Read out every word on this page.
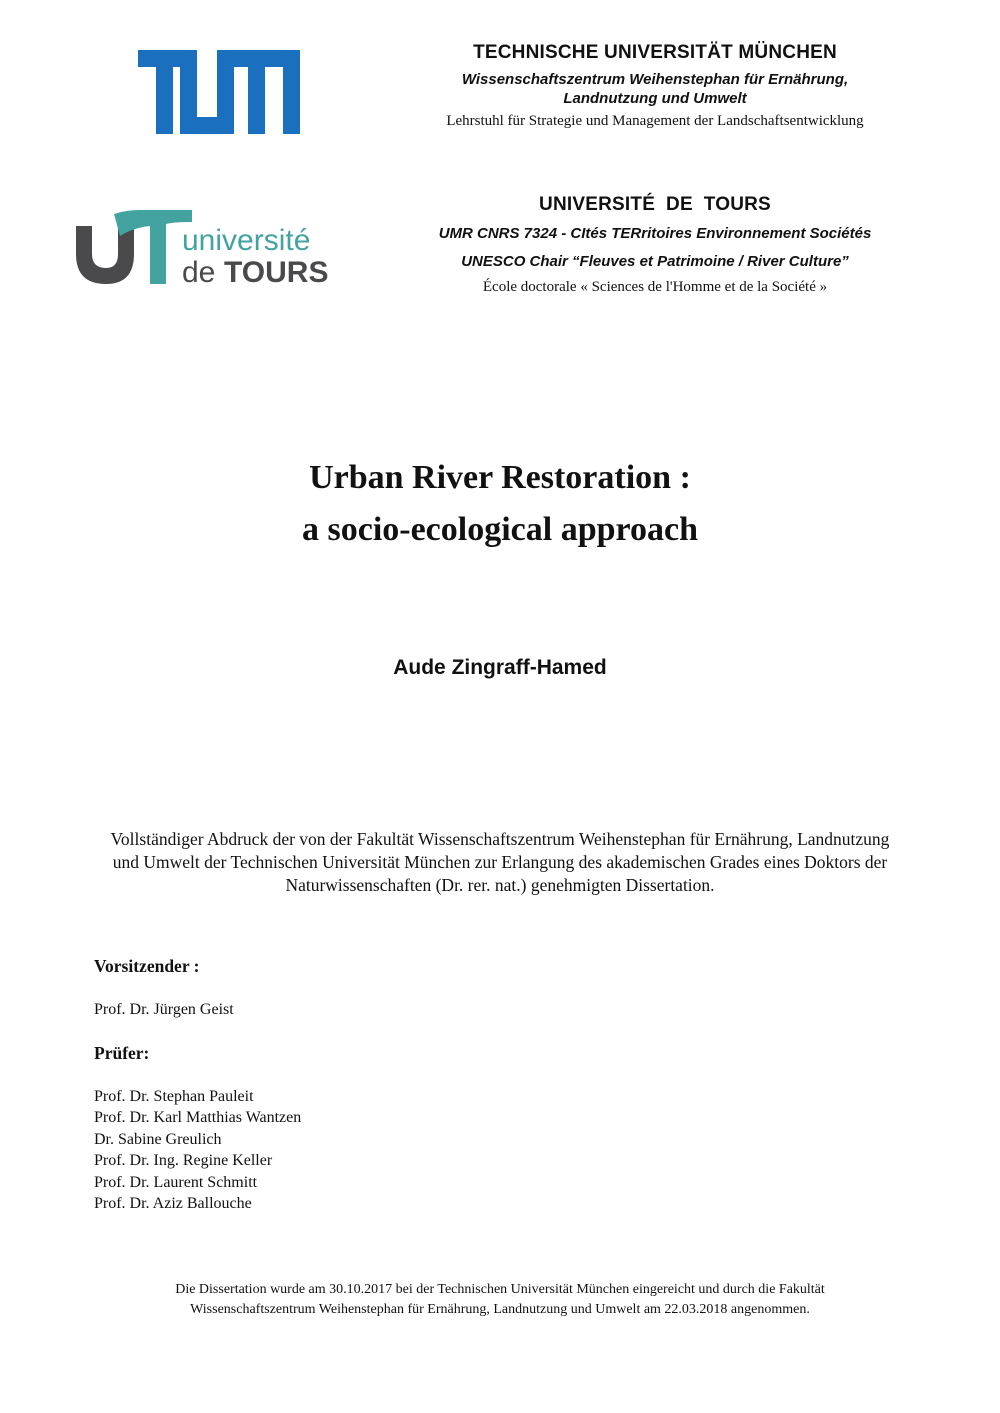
université
de TOURS
TECHNISCHE UNIVERSITÄT MÜNCHEN
Wissenschaftszentrum Weihenstephan für Ernährung,
Landnutzung und Umwelt
Lehrstuhl für Strategie und Management der Landschaftsentwicklung
UNIVERSITÉ  DE  TOURS
UMR CNRS 7324 - CItés TERritoires Environnement Sociétés
UNESCO Chair “Fleuves et Patrimoine / River Culture”
École doctorale « Sciences de l'Homme et de la Société »
Urban River Restoration :
a socio-ecological approach
Aude Zingraff-Hamed
Vollständiger Abdruck der von der Fakultät Wissenschaftszentrum Weihenstephan für Ernährung, Landnutzung
und Umwelt der Technischen Universität München zur Erlangung des akademischen Grades eines Doktors der
Naturwissenschaften (Dr. rer. nat.) genehmigten Dissertation.
Vorsitzender :
Prof. Dr. Jürgen Geist
Prüfer:
Prof. Dr. Stephan Pauleit
Prof. Dr. Karl Matthias Wantzen
Dr. Sabine Greulich
Prof. Dr. Ing. Regine Keller
Prof. Dr. Laurent Schmitt
Prof. Dr. Aziz Ballouche
Die Dissertation wurde am 30.10.2017 bei der Technischen Universität München eingereicht und durch die Fakultät
Wissenschaftszentrum Weihenstephan für Ernährung, Landnutzung und Umwelt am 22.03.2018 angenommen.
